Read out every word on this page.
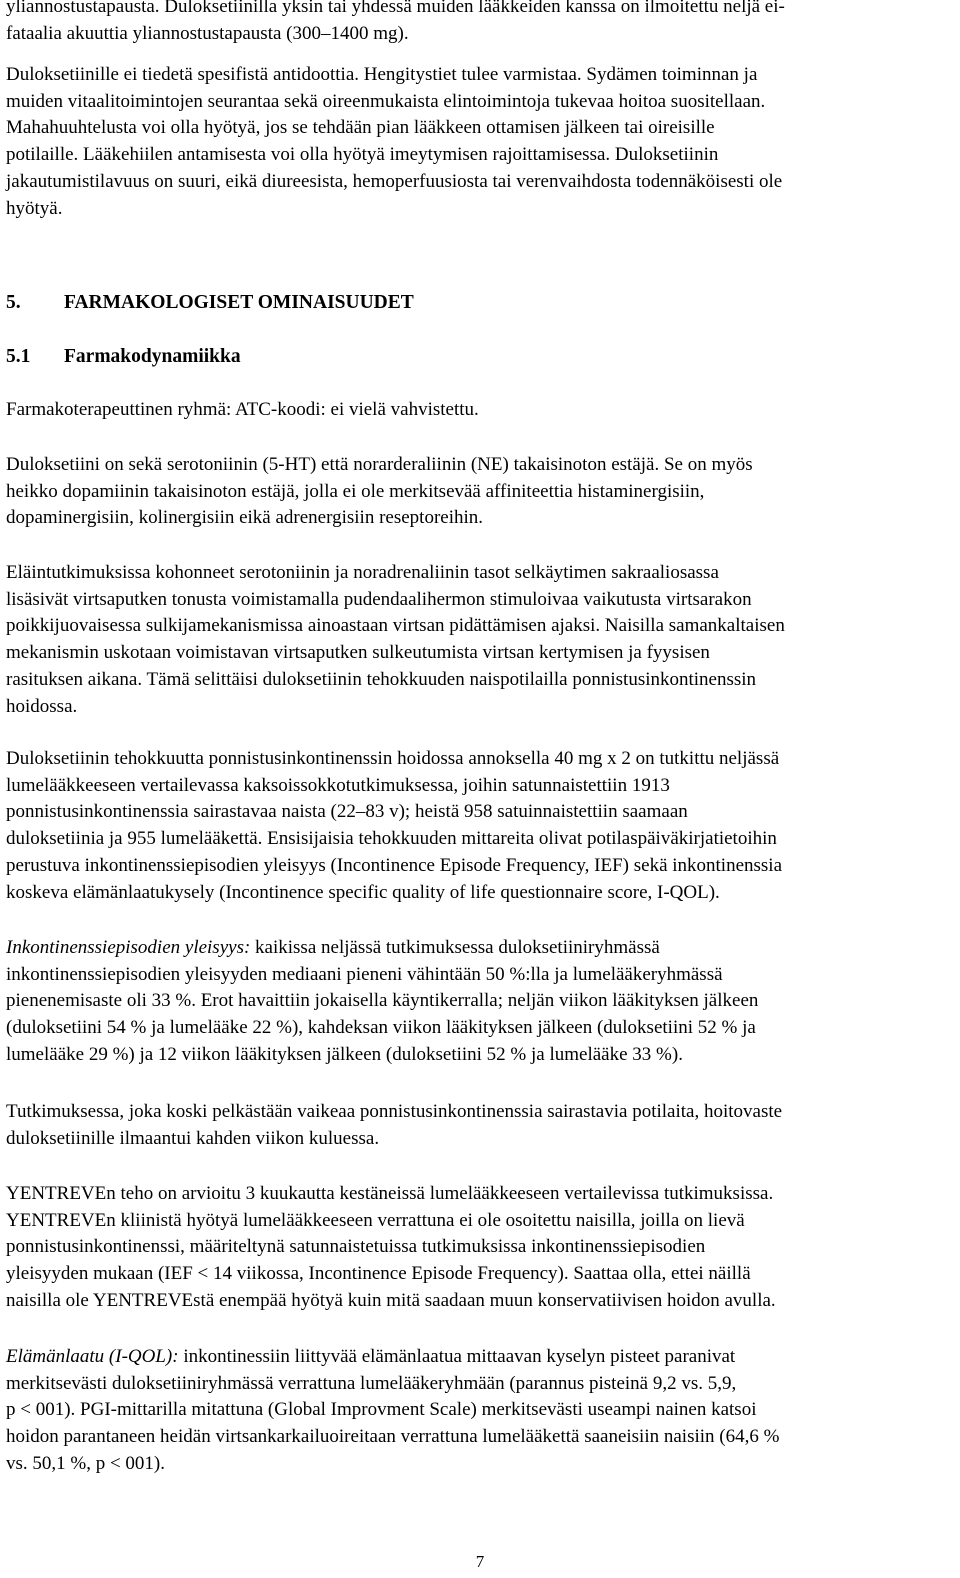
yliannostustapausta. Duloksetiinilla yksin tai yhdessä muiden lääkkeiden kanssa on ilmoitettu neljä ei-
fataalia akuuttia yliannostustapausta (300–1400 mg).
Duloksetiinille ei tiedetä spesifistä antidoottia. Hengitystiet tulee varmistaa. Sydämen toiminnan ja
muiden vitaalitoimintojen seurantaa sekä oireenmukaista elintoimintoja tukevaa hoitoa suositellaan.
Mahahuuhtelusta voi olla hyötyä, jos se tehdään pian lääkkeen ottamisen jälkeen tai oireisille
potilaille. Lääkehiilen antamisesta voi olla hyötyä imeytymisen rajoittamisessa. Duloksetiinin
jakautumistilavuus on suuri, eikä diureesista, hemoperfuusiosta tai verenvaihdosta todennäköisesti ole
hyötyä.
5. FARMAKOLOGISET OMINAISUUDET
5.1 Farmakodynamiikka
Farmakoterapeuttinen ryhmä: ATC-koodi: ei vielä vahvistettu.
Duloksetiini on sekä serotoniinin (5-HT) että norarderaliinin (NE) takaisinoton estäjä. Se on myös
heikko dopamiinin takaisinoton estäjä, jolla ei ole merkitsevää affiniteettia histaminergisiin,
dopaminergisiin, kolinergisiin eikä adrenergisiin reseptoreihin.
Eläintutkimuksissa kohonneet serotoniinin ja noradrenaliinin tasot selkäytimen sakraaliosassa
lisäsivät virtsaputken tonusta voimistamalla pudendaalihermon stimuloivaa vaikutusta virtsarakon
poikkijuovaisessa sulkijamekanismissa ainoastaan virtsan pidättämisen ajaksi. Naisilla samankaltaisen
mekanismin uskotaan voimistavan virtsaputken sulkeutumista virtsan kertymisen ja fyysisen
rasituksen aikana. Tämä selittäisi duloksetiinin tehokkuuden naispotilailla ponnistusinkontinenssin
hoidossa.
Duloksetiinin tehokkuutta ponnistusinkontinenssin hoidossa annoksella 40 mg x 2 on tutkittu neljässä
lumelääkkeeseen vertailevassa kaksoissokkotutkimuksessa, joihin satunnaistettiin 1913
ponnistusinkontinenssia sairastavaa naista (22–83 v); heistä 958 satuinnaistettiin saamaan
duloksetiinia ja 955 lumelääkettä. Ensisijaisia tehokkuuden mittareita olivat potilaspäiväkirjatietoihin
perustuva inkontinenssiepisodien yleisyys (Incontinence Episode Frequency, IEF) sekä inkontinenssia
koskeva elämänlaatukysely (Incontinence specific quality of life questionnaire score, I-QOL).
Inkontinenssiepisodien yleisyys: kaikissa neljässä tutkimuksessa duloksetiiniryhmässä
inkontinenssiepisodien yleisyyden mediaani pieneni vähintään 50 %:lla ja lumelääkeryhmässä
pienenemisaste oli 33 %. Erot havaittiin jokaisella käyntikerralla; neljän viikon lääkityksen jälkeen
(duloksetiini 54 % ja lumelääke 22 %), kahdeksan viikon lääkityksen jälkeen (duloksetiini 52 % ja
lumelääke 29 %) ja 12 viikon lääkityksen jälkeen (duloksetiini 52 % ja lumelääke 33 %).
Tutkimuksessa, joka koski pelkästään vaikeaa ponnistusinkontinenssia sairastavia potilaita, hoitovaste
duloksetiinille ilmaantui kahden viikon kuluessa.
YENTREVEn teho on arvioitu 3 kuukautta kestäneissä lumelääkkeeseen vertailevissa tutkimuksissa.
YENTREVEn kliinistä hyötyä lumelääkkeeseen verrattuna ei ole osoitettu naisilla, joilla on lievä
ponnistusinkontinenssi, määriteltynä satunnaistetuissa tutkimuksissa inkontinenssiepisodien
yleisyyden mukaan (IEF < 14 viikossa, Incontinence Episode Frequency). Saattaa olla, ettei näillä
naisilla ole YENTREVEstä enempää hyötyä kuin mitä saadaan muun konservatiivisen hoidon avulla.
Elämänlaatu (I-QOL): inkontinessiin liittyvää elämänlaatua mittaavan kyselyn pisteet paranivat
merkitsevästi duloksetiiniryhmässä verrattuna lumelääkeryhmään (parannus pisteinä 9,2 vs. 5,9,
p < 001). PGI-mittarilla mitattuna (Global Improvment Scale) merkitsevästi useampi nainen katsoi
hoidon parantaneen heidän virtsankarkailuoireitaan verrattuna lumelääkettä saaneisiin naisiin (64,6 %
vs. 50,1 %, p < 001).
7
